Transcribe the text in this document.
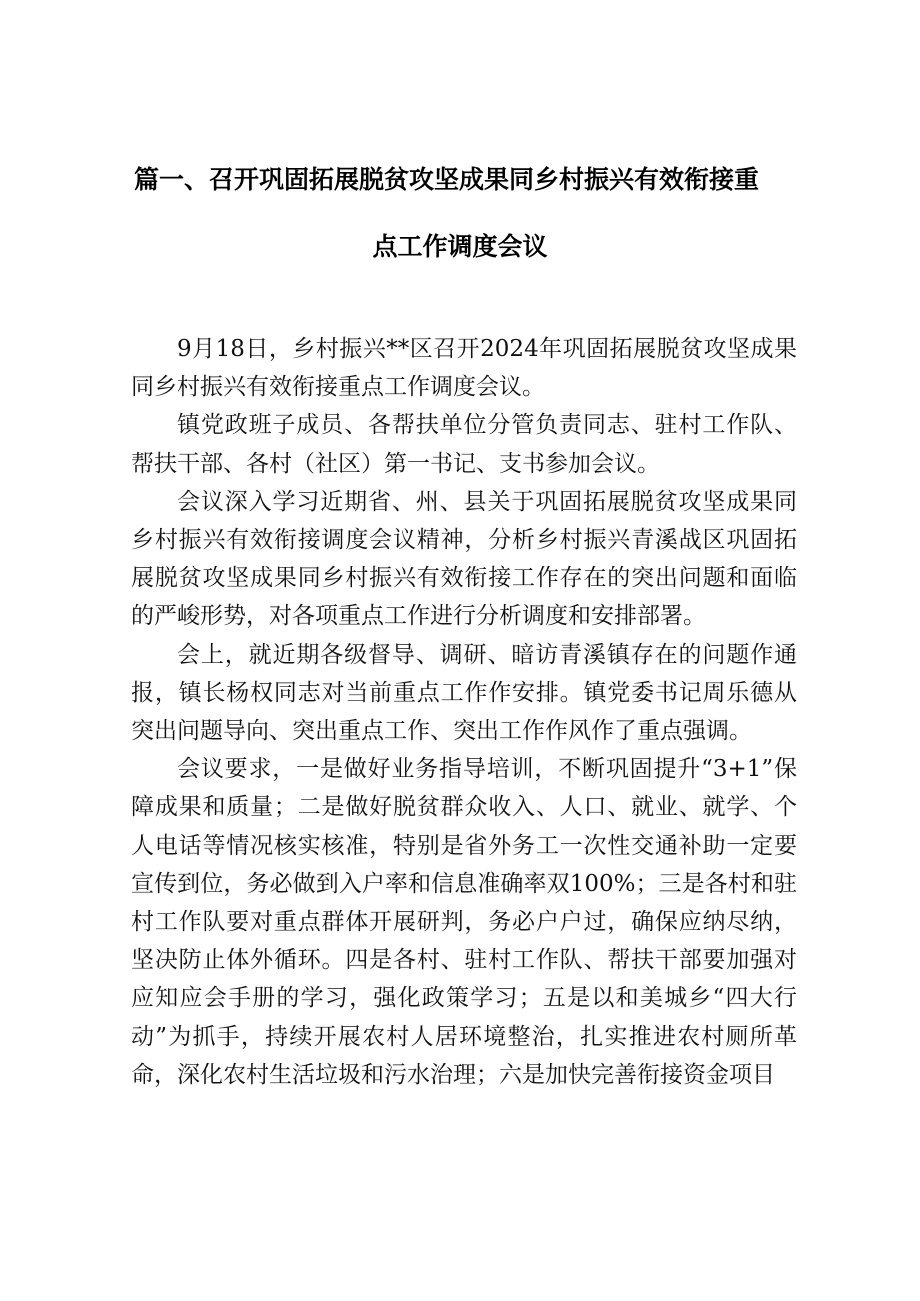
篇一、召开巩固拓展脱贫攻坚成果同乡村振兴有效衔接重
点工作调度会议

9月18日，乡村振兴**区召开2024年巩固拓展脱贫攻坚成果同乡村振兴有效衔接重点工作调度会议。

镇党政班子成员、各帮扶单位分管负责同志、驻村工作队、帮扶干部、各村（社区）第一书记、支书参加会议。

会议深入学习近期省、州、县关于巩固拓展脱贫攻坚成果同乡村振兴有效衔接调度会议精神，分析乡村振兴青溪战区巩固拓展脱贫攻坚成果同乡村振兴有效衔接工作存在的突出问题和面临的严峻形势，对各项重点工作进行分析调度和安排部署。

会上，就近期各级督导、调研、暗访青溪镇存在的问题作通报，镇长杨权同志对当前重点工作作安排。镇党委书记周乐德从突出问题导向、突出重点工作、突出工作作风作了重点强调。

会议要求，一是做好业务指导培训，不断巩固提升“3+1”保障成果和质量；二是做好脱贫群众收入、人口、就业、就学、个人电话等情况核实核准，特别是省外务工一次性交通补助一定要宣传到位，务必做到入户率和信息准确率双100%；三是各村和驻村工作队要对重点群体开展研判，务必户户过，确保应纳尽纳，坚决防止体外循环。四是各村、驻村工作队、帮扶干部要加强对应知应会手册的学习，强化政策学习；五是以和美城乡“四大行动”为抓手，持续开展农村人居环境整治，扎实推进农村厕所革命，深化农村生活垃圾和污水治理；六是加快完善衔接资金项目
